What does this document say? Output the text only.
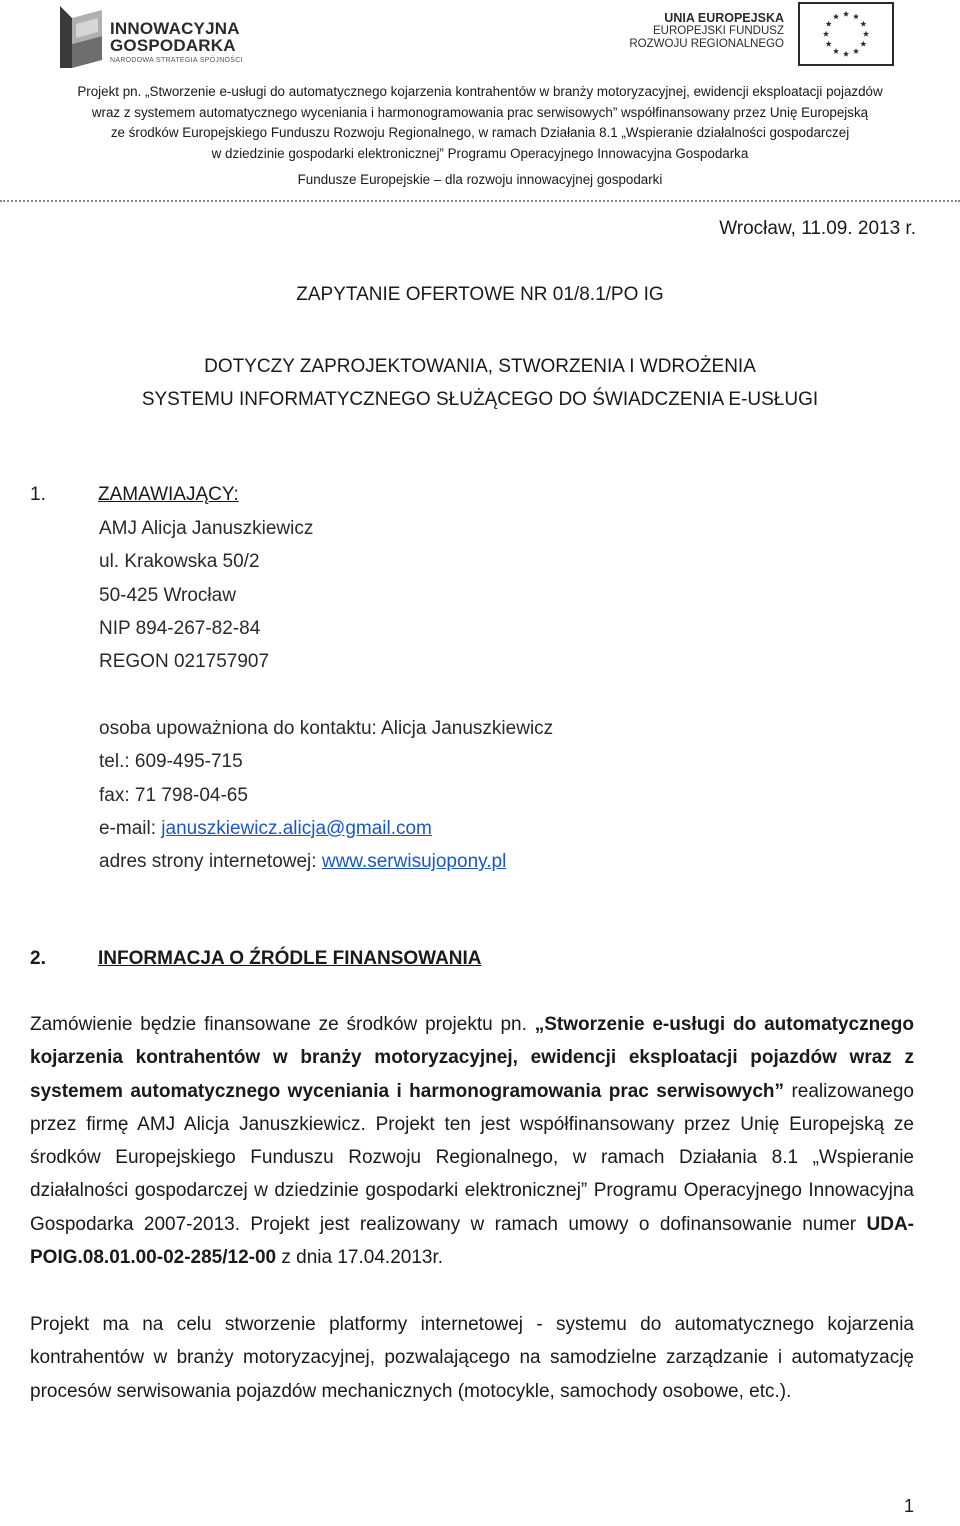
INNOWACYJNA
GOSPODARKA
NARODOWA STRATEGIA SPÓJNOŚCI
UNIA EUROPEJSKA
EUROPEJSKI FUNDUSZ
ROZWOJU REGIONALNEGO
Projekt pn. „Stworzenie e-usługi do automatycznego kojarzenia kontrahentów w branży motoryzacyjnej, ewidencji eksploatacji pojazdów
wraz z systemem automatycznego wyceniania i harmonogramowania prac serwisowych” współfinansowany przez Unię Europejską
ze środków Europejskiego Funduszu Rozwoju Regionalnego, w ramach Działania 8.1 „Wspieranie działalności gospodarczej
w dziedzinie gospodarki elektronicznej” Programu Operacyjnego Innowacyjna Gospodarka
Fundusze Europejskie – dla rozwoju innowacyjnej gospodarki
Wrocław, 11.09. 2013 r.
ZAPYTANIE OFERTOWE NR 01/8.1/PO IG
DOTYCZY ZAPROJEKTOWANIA, STWORZENIA I WDROŻENIA
SYSTEMU INFORMATYCZNEGO SŁUŻĄCEGO DO ŚWIADCZENIA E-USŁUGI
1.	ZAMAWIAJĄCY:
AMJ Alicja Januszkiewicz
ul. Krakowska 50/2
50-425 Wrocław
NIP 894-267-82-84
REGON 021757907
osoba upoważniona do kontaktu: Alicja Januszkiewicz
tel.: 609-495-715
fax: 71 798-04-65
e-mail: januszkiewicz.alicja@gmail.com
adres strony internetowej: www.serwisujopony.pl
2.	INFORMACJA O ŹRÓDLE FINANSOWANIA
Zamówienie będzie finansowane ze środków projektu pn. „Stworzenie e-usługi do automatycznego kojarzenia kontrahentów w branży motoryzacyjnej, ewidencji eksploatacji pojazdów wraz z systemem automatycznego wyceniania i harmonogramowania prac serwisowych” realizowanego przez firmę AMJ Alicja Januszkiewicz. Projekt ten jest współfinansowany przez Unię Europejską ze środków Europejskiego Funduszu Rozwoju Regionalnego, w ramach Działania 8.1 „Wspieranie działalności gospodarczej w dziedzinie gospodarki elektronicznej” Programu Operacyjnego Innowacyjna Gospodarka 2007-2013. Projekt jest realizowany w ramach umowy o dofinansowanie numer UDA-POIG.08.01.00-02-285/12-00 z dnia 17.04.2013r.
Projekt ma na celu stworzenie platformy internetowej - systemu do automatycznego kojarzenia kontrahentów w branży motoryzacyjnej, pozwalającego na samodzielne zarządzanie i automatyzację procesów serwisowania pojazdów mechanicznych (motocykle, samochody osobowe, etc.).
1
